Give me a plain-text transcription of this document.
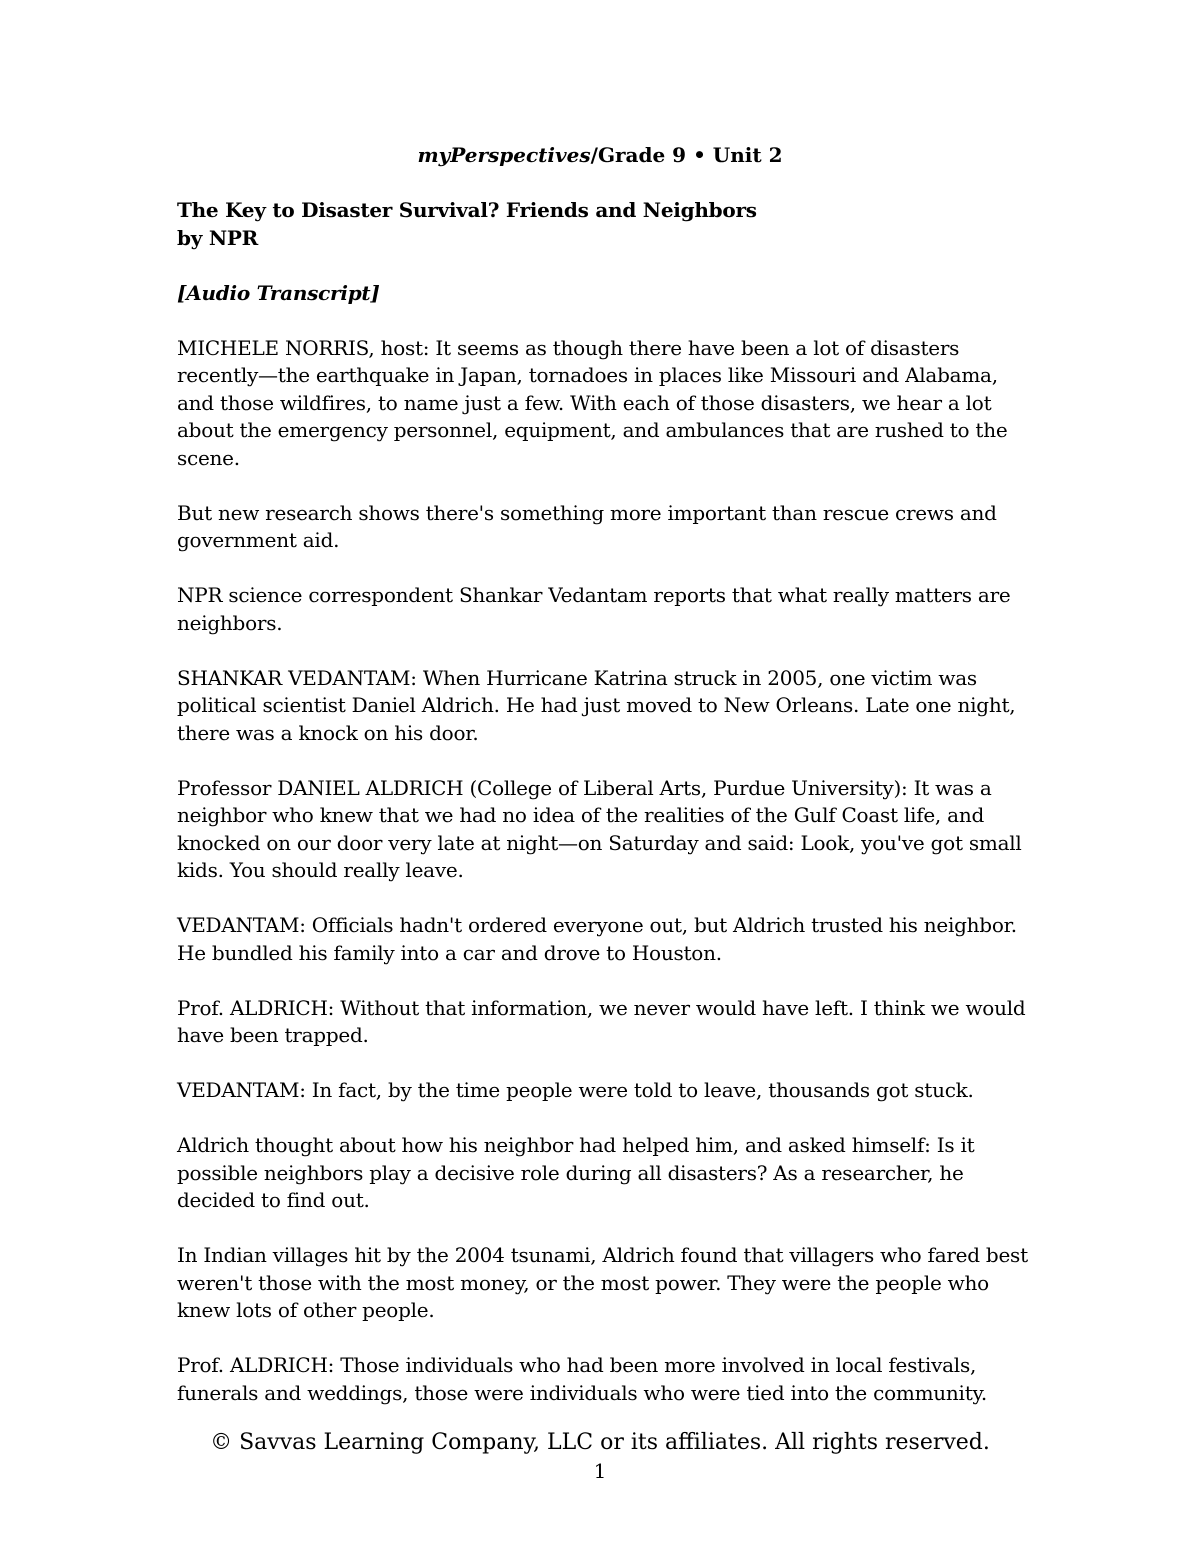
myPerspectives/Grade 9 • Unit 2
The Key to Disaster Survival? Friends and Neighbors
by NPR

[Audio Transcript]

MICHELE NORRIS, host: It seems as though there have been a lot of disasters recently—the earthquake in Japan, tornadoes in places like Missouri and Alabama, and those wildfires, to name just a few. With each of those disasters, we hear a lot about the emergency personnel, equipment, and ambulances that are rushed to the scene.

But new research shows there's something more important than rescue crews and government aid.

NPR science correspondent Shankar Vedantam reports that what really matters are neighbors.

SHANKAR VEDANTAM: When Hurricane Katrina struck in 2005, one victim was political scientist Daniel Aldrich. He had just moved to New Orleans. Late one night, there was a knock on his door.

Professor DANIEL ALDRICH (College of Liberal Arts, Purdue University): It was a neighbor who knew that we had no idea of the realities of the Gulf Coast life, and knocked on our door very late at night—on Saturday and said: Look, you've got small kids. You should really leave.

VEDANTAM: Officials hadn't ordered everyone out, but Aldrich trusted his neighbor. He bundled his family into a car and drove to Houston.

Prof. ALDRICH: Without that information, we never would have left. I think we would have been trapped.

VEDANTAM: In fact, by the time people were told to leave, thousands got stuck.

Aldrich thought about how his neighbor had helped him, and asked himself: Is it possible neighbors play a decisive role during all disasters? As a researcher, he decided to find out.

In Indian villages hit by the 2004 tsunami, Aldrich found that villagers who fared best weren't those with the most money, or the most power. They were the people who knew lots of other people.

Prof. ALDRICH: Those individuals who had been more involved in local festivals, funerals and weddings, those were individuals who were tied into the community.

© Savvas Learning Company, LLC or its affiliates. All rights reserved.
1
